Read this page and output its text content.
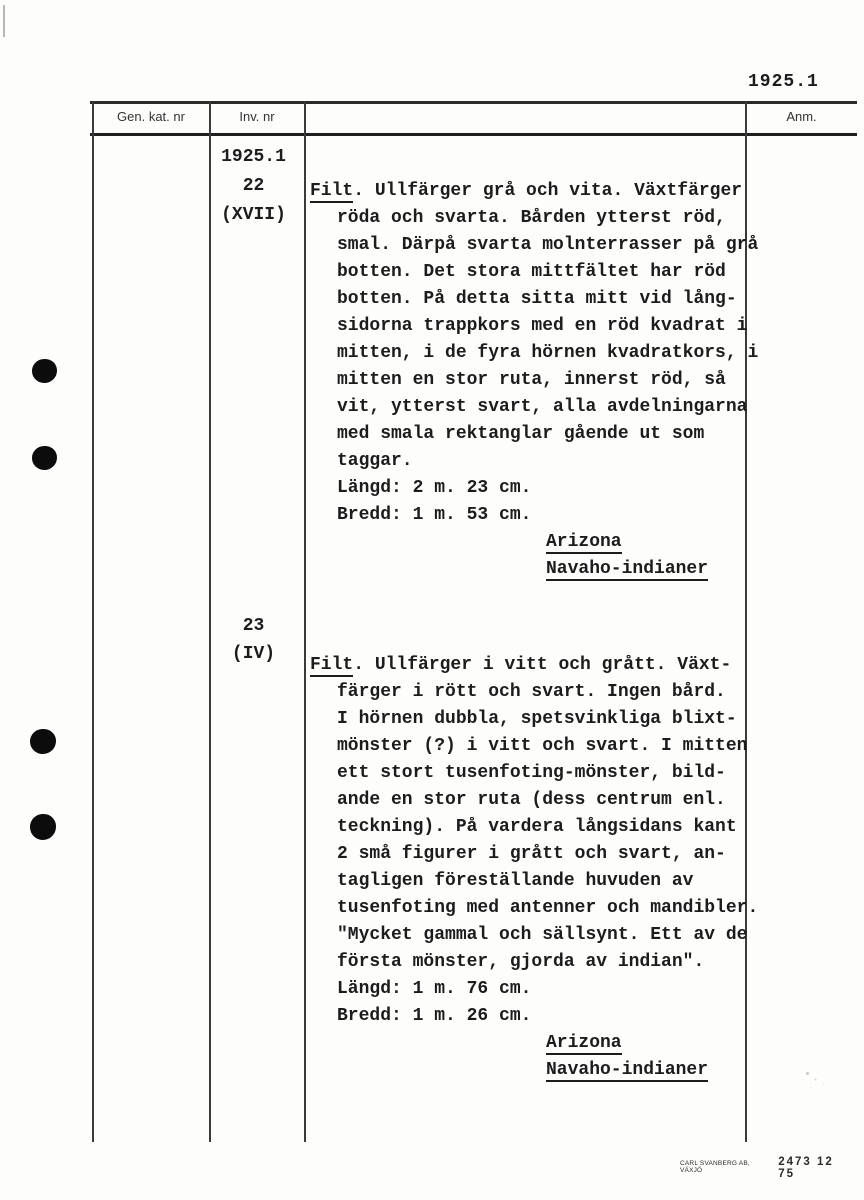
1925.1
Gen. kat. nr	Inv. nr	Anm.
1925.1
22
(XVII)
Filt. Ullfärger grå och vita. Växtfärger
röda och svarta. Bården ytterst röd,
smal. Därpå svarta molnterrasser på grå
botten. Det stora mittfältet har röd
botten. På detta sitta mitt vid lång-
sidorna trappkors med en röd kvadrat i
mitten, i de fyra hörnen kvadratkors, i
mitten en stor ruta, innerst röd, så
vit, ytterst svart, alla avdelningarna
med smala rektanglar gående ut som
taggar.
Längd: 2 m. 23 cm.
Bredd: 1 m. 53 cm.
Arizona
Navaho-indianer
23
(IV)
Filt. Ullfärger i vitt och grått. Växt-
färger i rött och svart. Ingen bård.
I hörnen dubbla, spetsvinkliga blixt-
mönster (?) i vitt och svart. I mitten
ett stort tusenfoting-mönster, bild-
ande en stor ruta (dess centrum enl.
teckning). På vardera långsidans kant
2 små figurer i grått och svart, an-
tagligen föreställande huvuden av
tusenfoting med antenner och mandibler.
"Mycket gammal och sällsynt. Ett av de
första mönster, gjorda av indian".
Längd: 1 m. 76 cm.
Bredd: 1 m. 26 cm.
Arizona
Navaho-indianer
CARL SVANBERG AB, VÄXJÖ
2473 12 75
